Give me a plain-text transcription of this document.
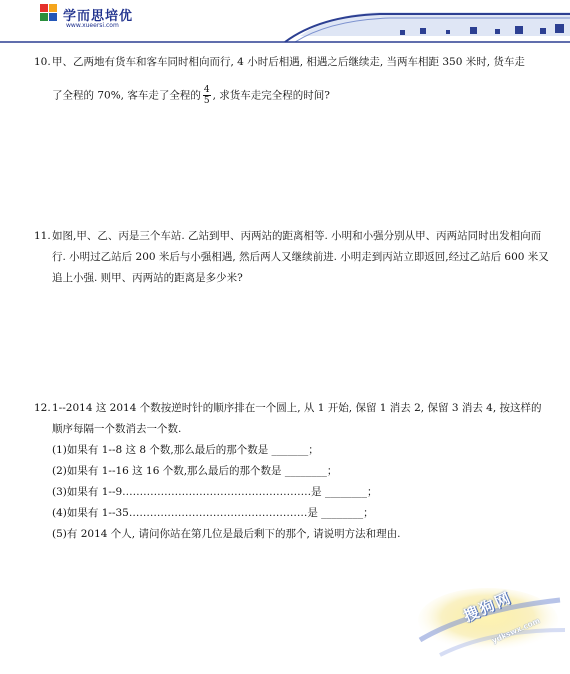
学而思培优
www.xueersi.com
10. 甲、乙两地有货车和客车同时相向而行, 4 小时后相遇, 相遇之后继续走, 当两车相距 350 米时, 货车走
了全程的 70%, 客车走了全程的 $\frac{4}{5}$ , 求货车走完全程的时间?
11. 如图,甲、乙、丙是三个车站. 乙站到甲、丙两站的距离相等. 小明和小强分别从甲、丙两站同时出发相向而行. 小明过乙站后 200 米后与小强相遇, 然后两人又继续前进. 小明走到丙站立即返回,经过乙站后 600 米又追上小强. 则甲、丙两站的距离是多少米?
12. 1--2014 这 2014 个数按逆时针的顺序排在一个圆上, 从 1 开始, 保留 1 消去 2, 保留 3 消去 4, 按这样的顺序每隔一个数消去一个数.
(1)如果有 1--8 这 8 个数,那么最后的那个数是 _______；
(2)如果有 1--16 这 16 个数,那么最后的那个数是 ________；
(3)如果有 1--9………………………………………………是 ________；
(4)如果有 1--35……………………………………………是 ________；
(5)有 2014 个人, 请问你站在第几位是最后剩下的那个, 请说明方法和理由.
搜狗网
ydkswx.com
